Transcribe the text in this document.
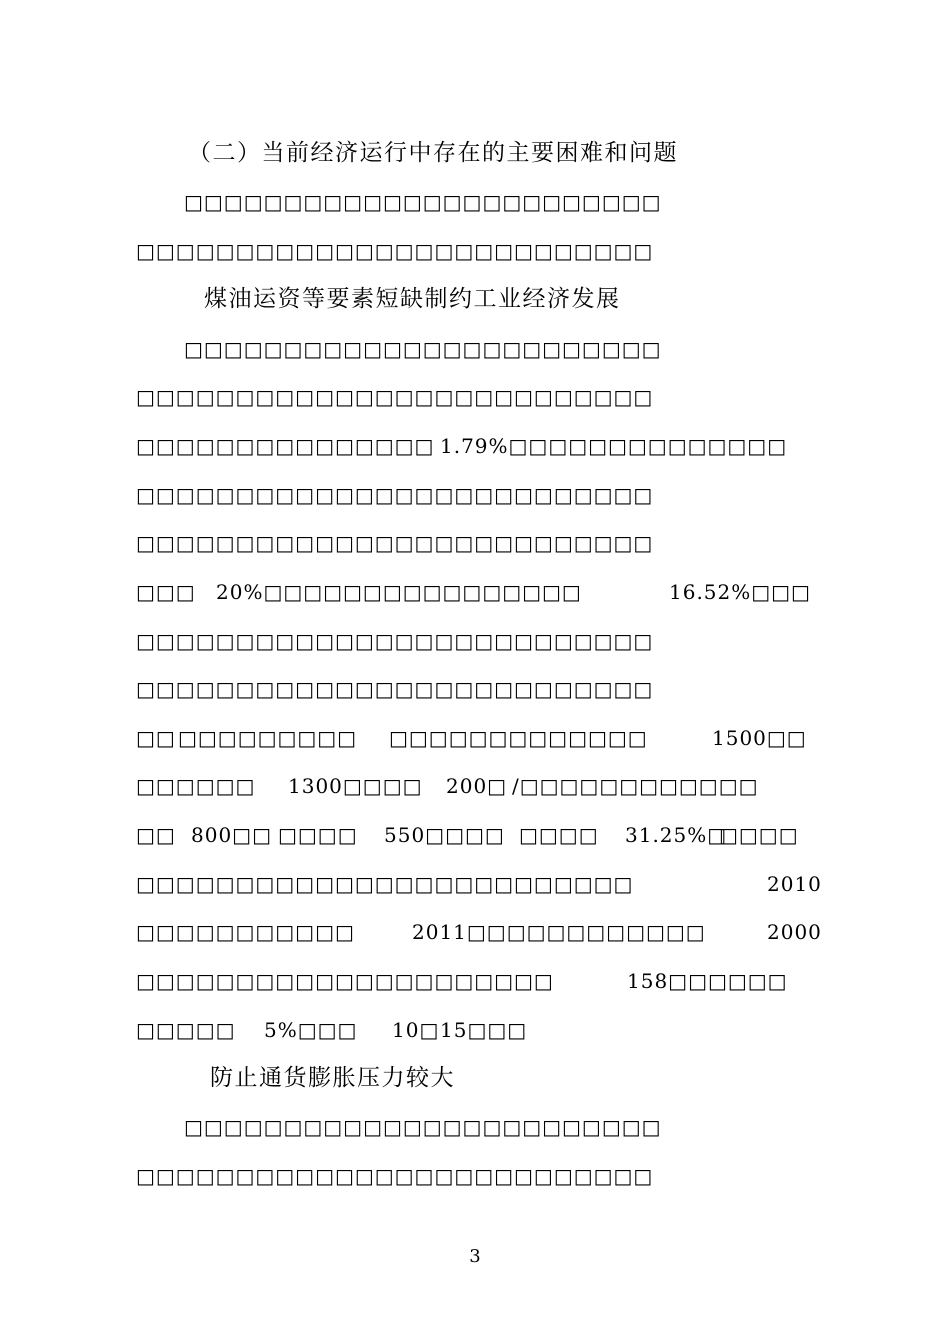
（二）当前经济运行中存在的主要困难和问题
□□□□□□□□□□□□□□□□□□□□□□□□
□□□□□□□□□□□□□□□□□□□□□□□□□□
煤油运资等要素短缺制约工业经济发展
□□□□□□□□□□□□□□□□□□□□□□□□
□□□□□□□□□□□□□□□□□□□□□□□□□□
□□□□□□□□□□□□□□□ 1.79%□□□□□□□□□□□□□□
□□□□□□□□□□□□□□□□□□□□□□□□□□
□□□□□□□□□□□□□□□□□□□□□□□□□□
□□□ 20%□□□□□□□□□□□□□□□□	16.52%□□□
□□□□□□□□□□□□□□□□□□□□□□□□□□
□□□□□□□□□□□□□□□□□□□□□□□□□□
□□ □□□□□□□□□ □□□□□□□□□□□□□	1500□□
□□□□□□ 1300□□□□ 200□ /□□□□□□□□□□□□
□□ 800□□ □□□□ 550□□□□ □□□□ 31.25%□
□□□□
□□□□□□□□□□□□□□□□□□□□□□□□□	2010
□□□□□□□□□□□	2011□□□□□□□□□□□□	2000
□□□□□□□□□□□□□□□□□□□□□	158□□□□□□
□□□□□ 5%□□□ 10□ 15□□□
防止通货膨胀压力较大
□□□□□□□□□□□□□□□□□□□□□□□□
□□□□□□□□□□□□□□□□□□□□□□□□□□
3
